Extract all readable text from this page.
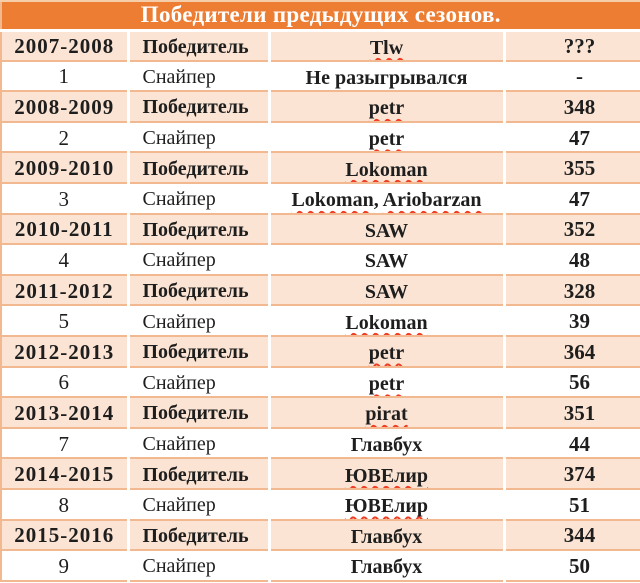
Победители предыдущих сезонов.			
2007-2008	Победитель	Tlw	???
1	Снайпер	Не разыгрывался	-
2008-2009	Победитель	petr	348
2	Снайпер	petr	47
2009-2010	Победитель	Lokoman	355
3	Снайпер	Lokoman, Ariobarzan	47
2010-2011	Победитель	SAW	352
4	Снайпер	SAW	48
2011-2012	Победитель	SAW	328
5	Снайпер	Lokoman	39
2012-2013	Победитель	petr	364
6	Снайпер	petr	56
2013-2014	Победитель	pirat	351
7	Снайпер	Главбух	44
2014-2015	Победитель	ЮВЕлир	374
8	Снайпер	ЮВЕлир	51
2015-2016	Победитель	Главбух	344
9	Снайпер	Главбух	50
